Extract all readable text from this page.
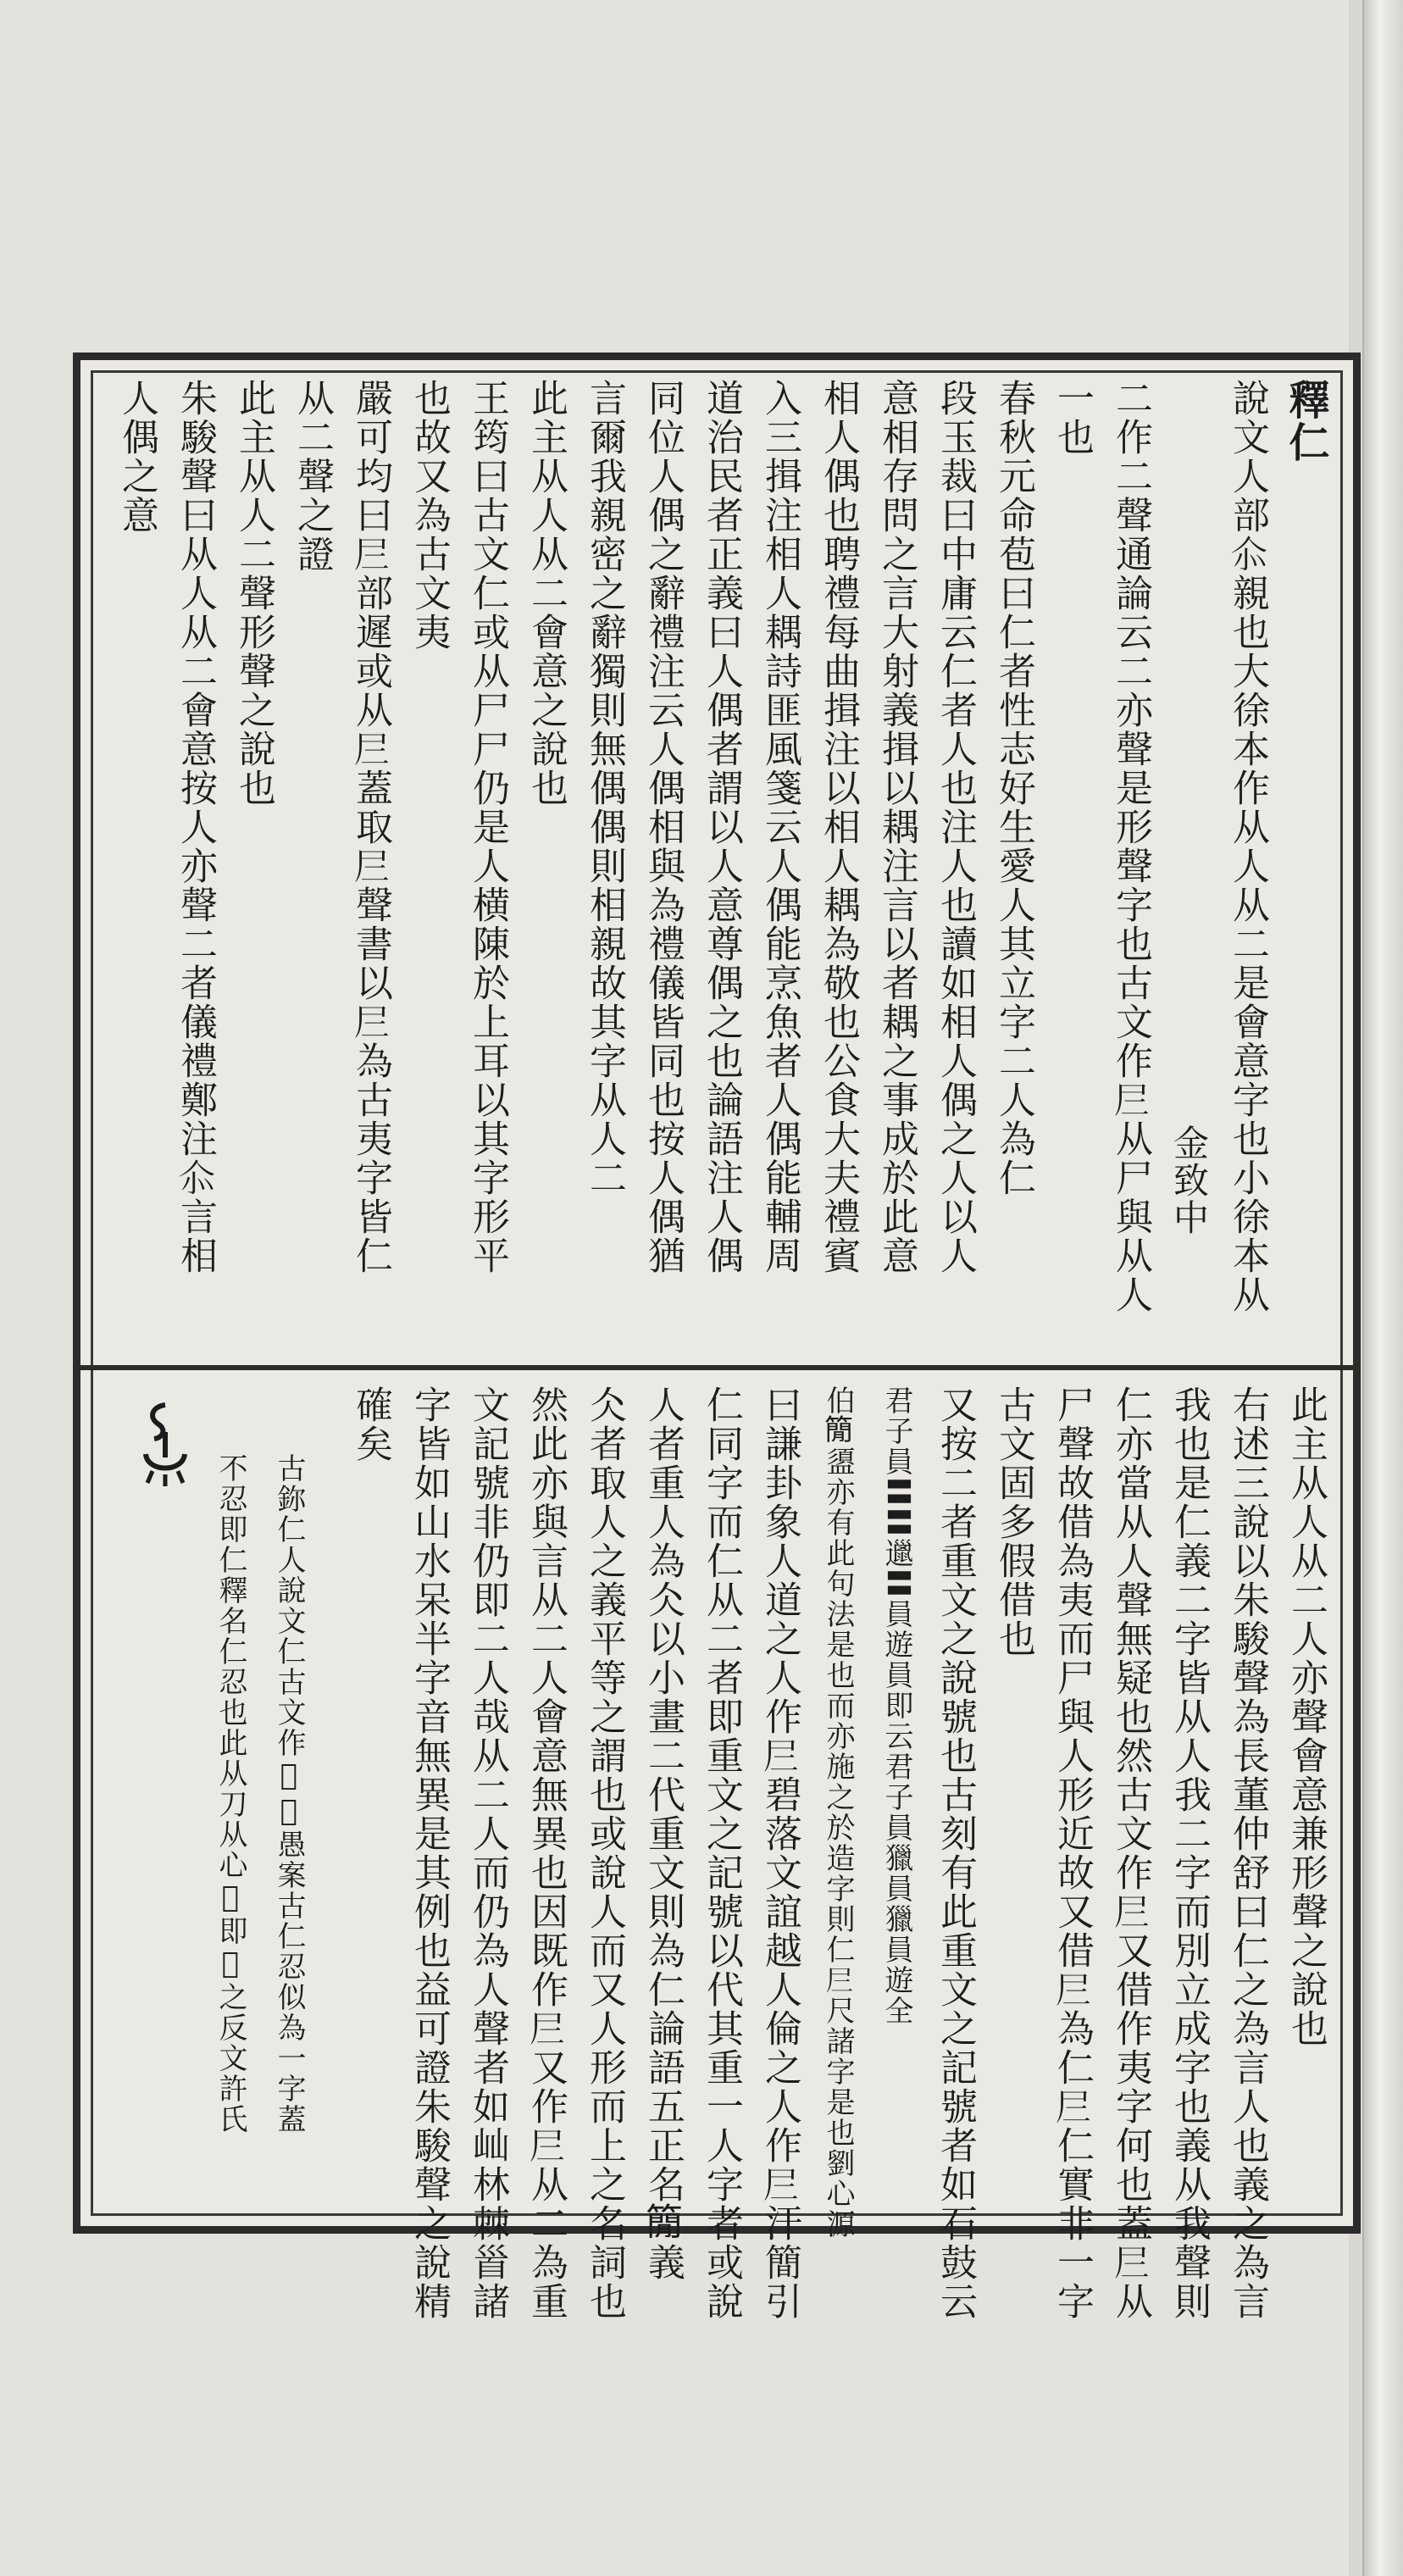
釋仁
說文人部𠇍親也大徐本作从人从二是會意字也小徐本从
金致中
二作二聲通論云二亦聲是形聲字也古文作𡰥从尸與从人
一也
春秋元命苞曰仁者性志好生愛人其立字二人為仁
段玉裁曰中庸云仁者人也注人也讀如相人偶之人以人
意相存問之言大射義揖以耦注言以者耦之事成於此意
相人偶也聘禮每曲揖注以相人耦為敬也公食大夫禮賓
入三揖注相人耦詩匪風箋云人偶能烹魚者人偶能輔周
道治民者正義曰人偶者謂以人意尊偶之也論語注人偶
同位人偶之辭禮注云人偶相與為禮儀皆同也按人偶猶
言爾我親密之辭獨則無偶偶則相親故其字从人二
此主从人从二會意之說也
王筠曰古文仁或从尸尸仍是人横陳於上耳以其字形平
也故又為古文夷
嚴可均曰𡰥部遲或从𡰥蓋取𡰥聲書以𡰥為古夷字皆仁
从二聲之證
此主从人二聲形聲之說也
朱駿聲曰从人从二會意按人亦聲二者儀禮鄭注𠇍言相
人偶之意
此主从人从二人亦聲會意兼形聲之說也
右述三說以朱駿聲為長董仲舒曰仁之為言人也義之為言
我也是仁義二字皆从人我二字而別立成字也義从我聲則
仁亦當从人聲無疑也然古文作𡰥又借作夷字何也蓋𡰥从
尸聲故借為夷而尸與人形近故又借𡰥為仁𡰥仁實非一字
古文固多假借也
又按二者重文之說號也古刻有此重文之記號者如石鼓云
君子員〓〓邋〓員遊員即云君子員獵員獵員遊全
伯𥳑盨亦有此句法是也而亦施之於造字則仁𡰥尺諸字是也劉心源
曰謙卦象人道之人作𡰥碧落文誼越人倫之人作𡰥汗簡引
仁同字而仁从二者即重文之記號以代其重一人字者或說
人者重人為仌以小畫二代重文則為仁論語五正名𥳑義
仌者取人之義平等之謂也或說人而又人形而上之名詞也
然此亦與言从二人會意無異也因既作𡰥又作𡰥从二為重
文記號非仍即二人哉从二人而仍為人聲者如屾林棘𩠐諸
字皆如山水呆半字音無異是其例也益可證朱駿聲之說精
確矣
古鉨仁人說文仁古文作𢗅𢗅愚案古仁忍似為一字蓋
不忍即仁釋名仁忍也此从刀从心𢗅即𢗅之反文許氏
